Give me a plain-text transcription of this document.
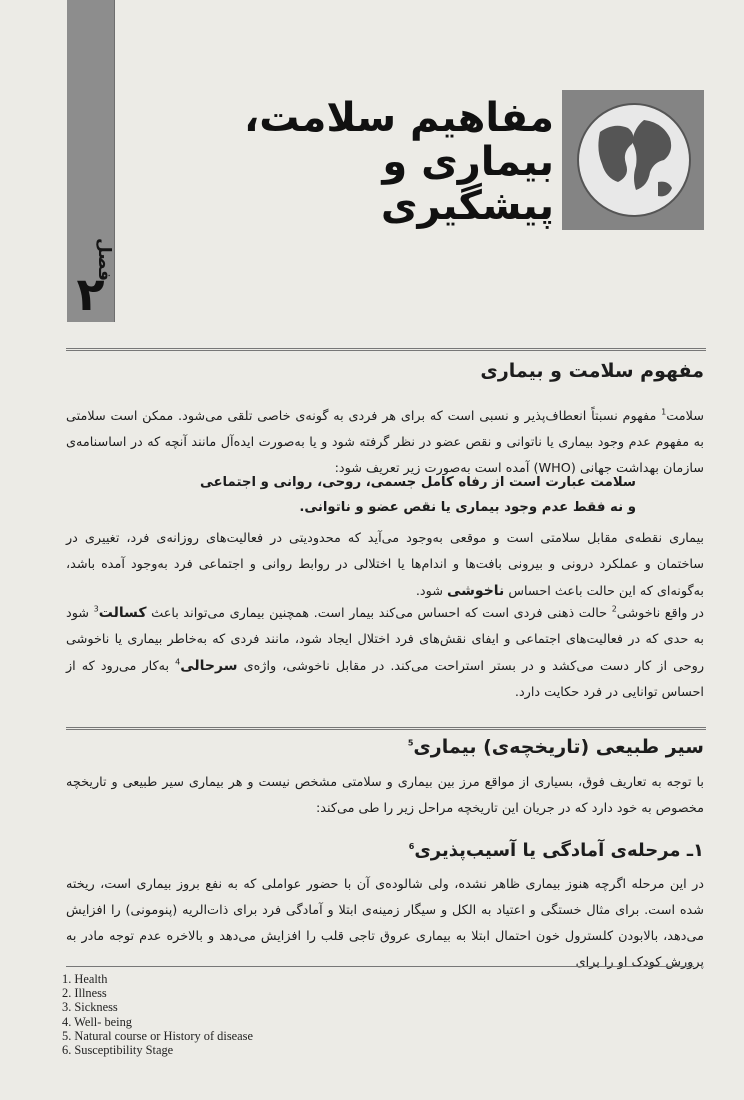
فصل
۲
مفاهیم سلامت،
بیماری و
پیشگیری
مفهوم سلامت و بیماری
سلامت$^1$ مفهوم نسبتاً انعطاف‌پذیر و نسبی است که برای هر فردی به گونه‌ی خاصی تلقی می‌شود. ممکن است سلامتی به مفهوم عدم وجود بیماری یا ناتوانی و نقص عضو در نظر گرفته شود و یا به‌صورت ایده‌آل مانند آنچه که در اساسنامه‌ی سازمان بهداشت جهانی (WHO) آمده است به‌صورت زیر تعریف شود:
سلامت عبارت است از رفاه کامل جسمی، روحی، روانی و اجتماعی
و نه فقط عدم وجود بیماری یا نقص عضو و ناتوانی.
بیماری نقطه‌ی مقابل سلامتی است و موقعی به‌وجود می‌آید که محدودیتی در فعالیت‌های روزانه‌ی فرد، تغییری در ساختمان و عملکرد درونی و بیرونی بافت‌ها و اندام‌ها یا اختلالی در روابط روانی و اجتماعی فرد به‌وجود آمده باشد، به‌گونه‌ای که این حالت باعث احساس ناخوشی شود.
در واقع ناخوشی$^2$ حالت ذهنی فردی است که احساس می‌کند بیمار است. همچنین بیماری می‌تواند باعث کسالت$^3$ شود به حدی که در فعالیت‌های اجتماعی و ایفای نقش‌های فرد اختلال ایجاد شود، مانند فردی که به‌خاطر بیماری یا ناخوشی روحی از کار دست می‌کشد و در بستر استراحت می‌کند. در مقابل ناخوشی، واژه‌ی سرحالی$^4$ به‌کار می‌رود که از احساس توانایی در فرد حکایت دارد.
سیر طبیعی (تاریخچه‌ی) بیماری$^5$
با توجه به تعاریف فوق، بسیاری از مواقع مرز بین بیماری و سلامتی مشخص نیست و هر بیماری سیر طبیعی و تاریخچه مخصوص به خود دارد که در جریان این تاریخچه مراحل زیر را طی می‌کند:
۱ـ مرحله‌ی آمادگی یا آسیب‌پذیری$^6$
در این مرحله اگرچه هنوز بیماری ظاهر نشده، ولی شالوده‌ی آن با حضور عواملی که به نفع بروز بیماری است، ریخته شده است. برای مثال خستگی و اعتیاد به الکل و سیگار زمینه‌ی ابتلا و آمادگی فرد برای ذات‌الریه (پنومونی) را افزایش می‌دهد، بالابودن کلسترول خون احتمال ابتلا به بیماری عروق تاجی قلب را افزایش می‌دهد و بالاخره عدم توجه مادر به پرورش کودک او را برای
1. Health
2. Illness
3. Sickness
4. Well- being
5. Natural course or History of disease
6. Susceptibility Stage
